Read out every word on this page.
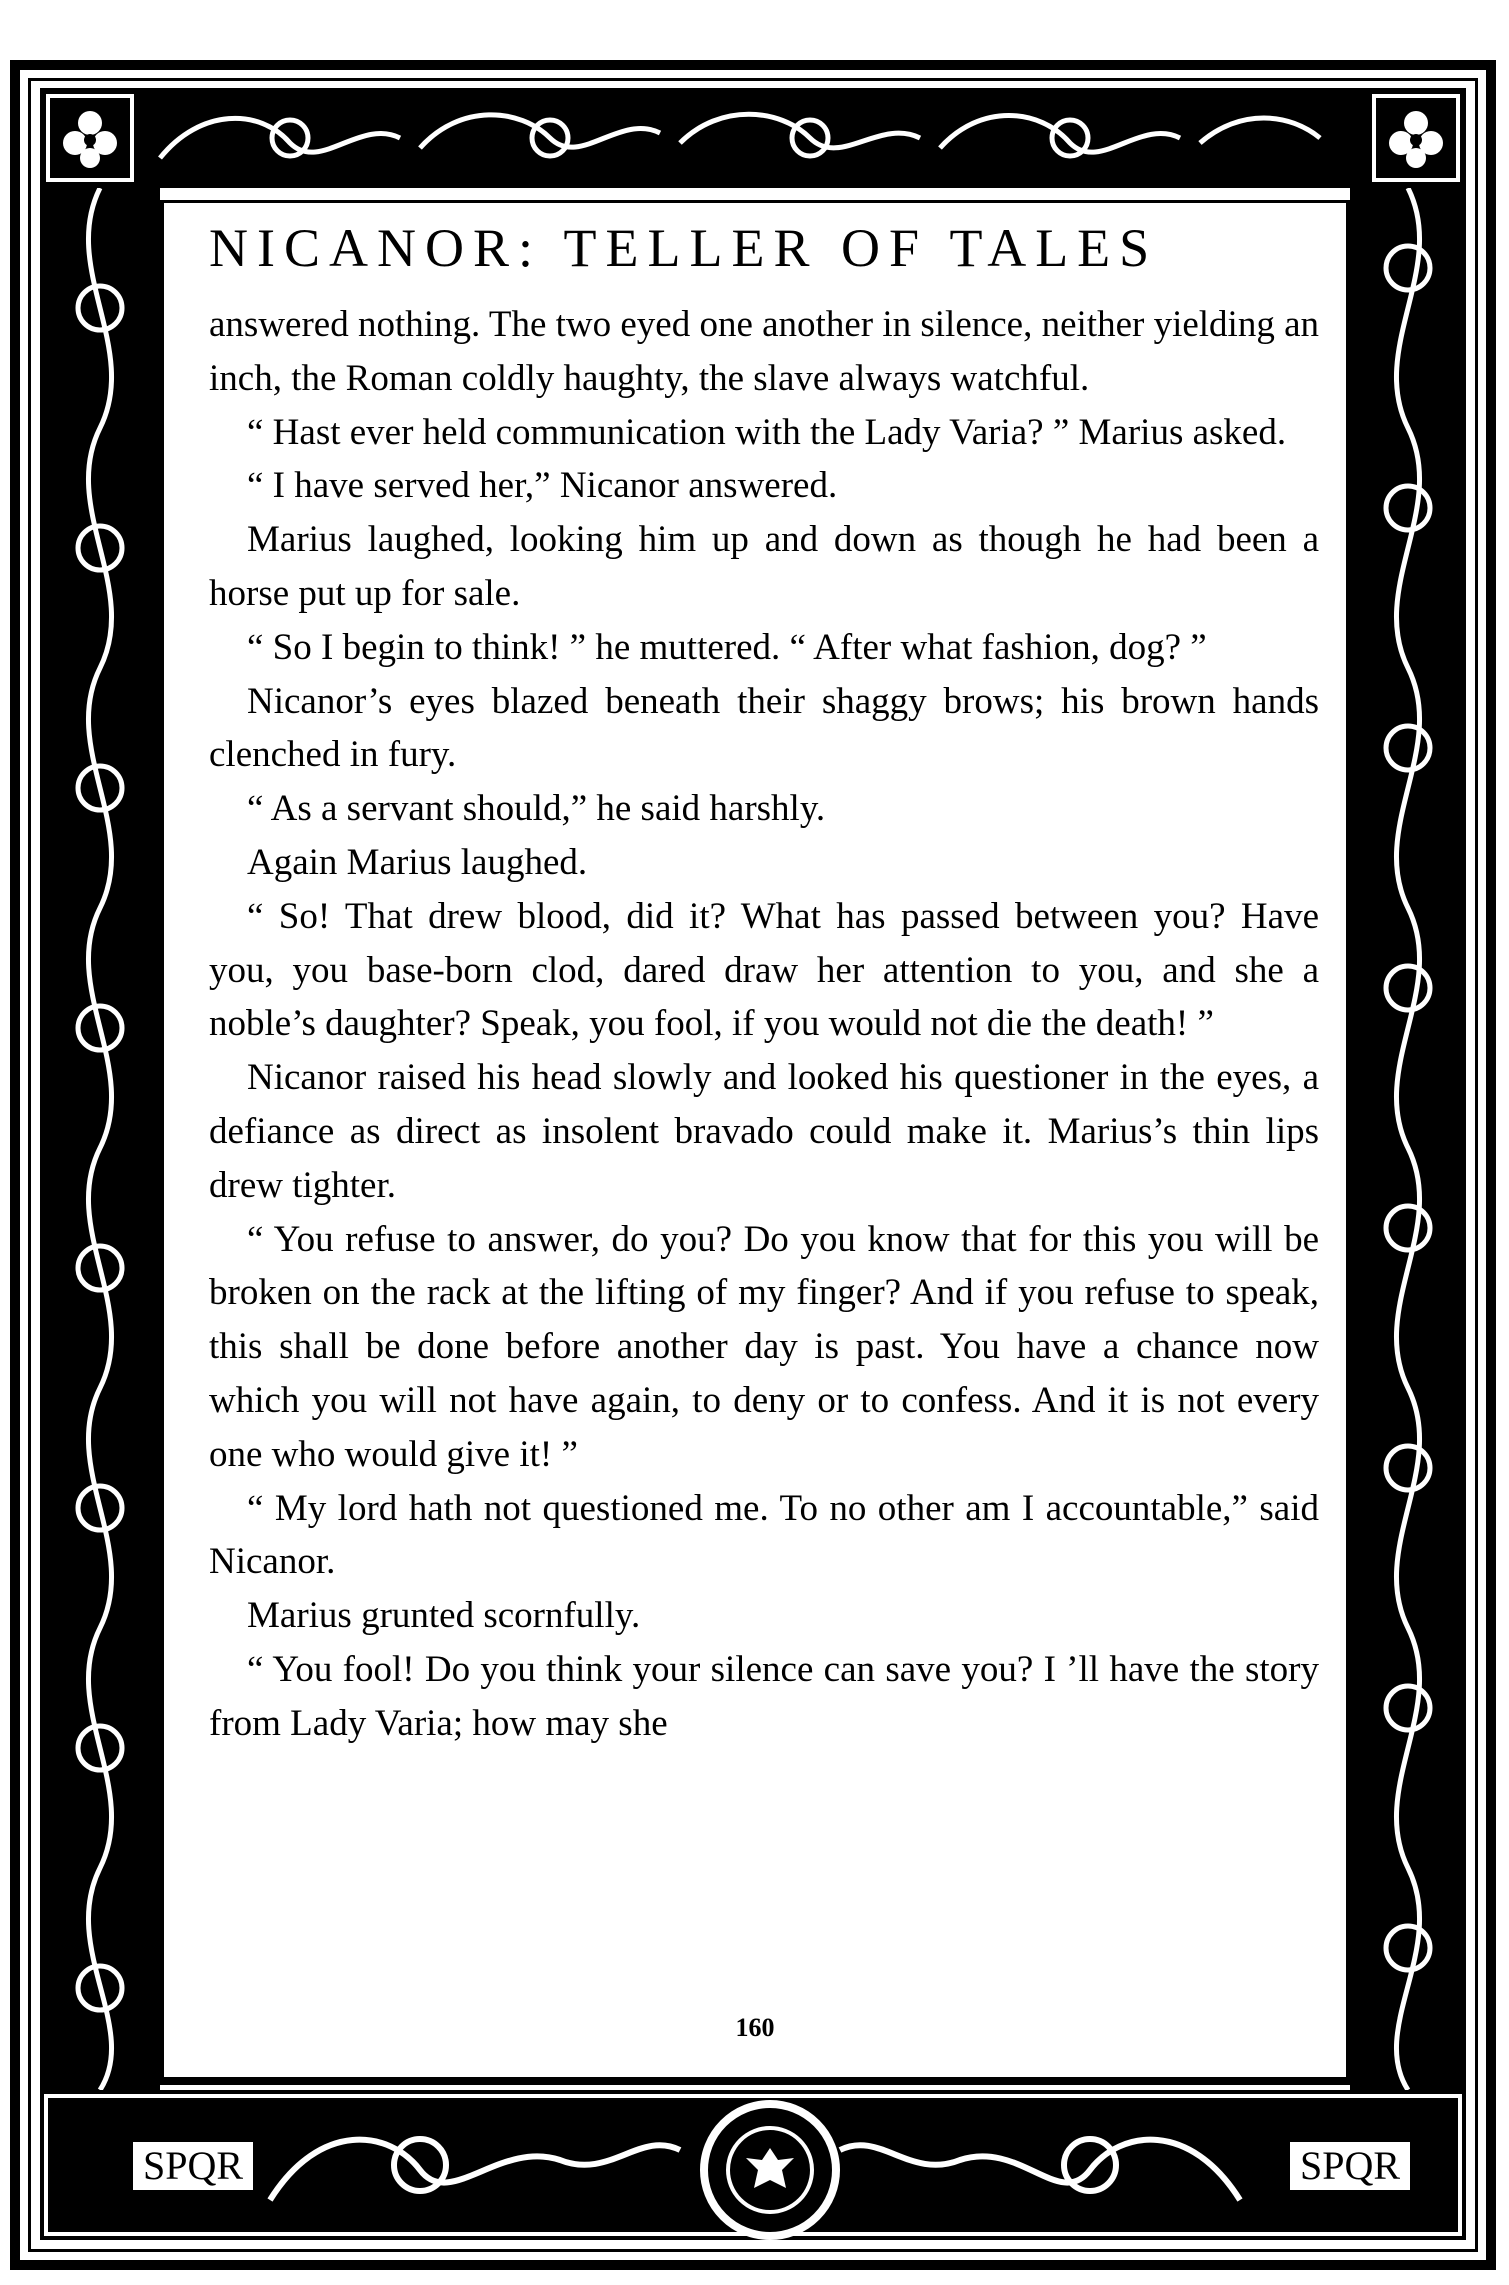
SPQR	SPQR
NICANOR: TELLER OF TALES

answered nothing. The two eyed one another in silence, neither yielding an inch, the Roman coldly haughty, the slave always watchful.

“ Hast ever held communication with the Lady Varia? ” Marius asked.

“ I have served her,” Nicanor answered.

Marius laughed, looking him up and down as though he had been a horse put up for sale.

“ So I begin to think! ” he muttered. “ After what fashion, dog? ”

Nicanor’s eyes blazed beneath their shaggy brows; his brown hands clenched in fury.

“ As a servant should,” he said harshly.

Again Marius laughed.

“ So! That drew blood, did it? What has passed between you? Have you, you base-born clod, dared draw her attention to you, and she a noble’s daughter? Speak, you fool, if you would not die the death! ”

Nicanor raised his head slowly and looked his questioner in the eyes, a defiance as direct as insolent bravado could make it. Marius’s thin lips drew tighter.

“ You refuse to answer, do you? Do you know that for this you will be broken on the rack at the lifting of my finger? And if you refuse to speak, this shall be done before another day is past. You have a chance now which you will not have again, to deny or to confess. And it is not every one who would give it! ”

“ My lord hath not questioned me. To no other am I accountable,” said Nicanor.

Marius grunted scornfully.

“ You fool! Do you think your silence can save you? I ’ll have the story from Lady Varia; how may she

160
